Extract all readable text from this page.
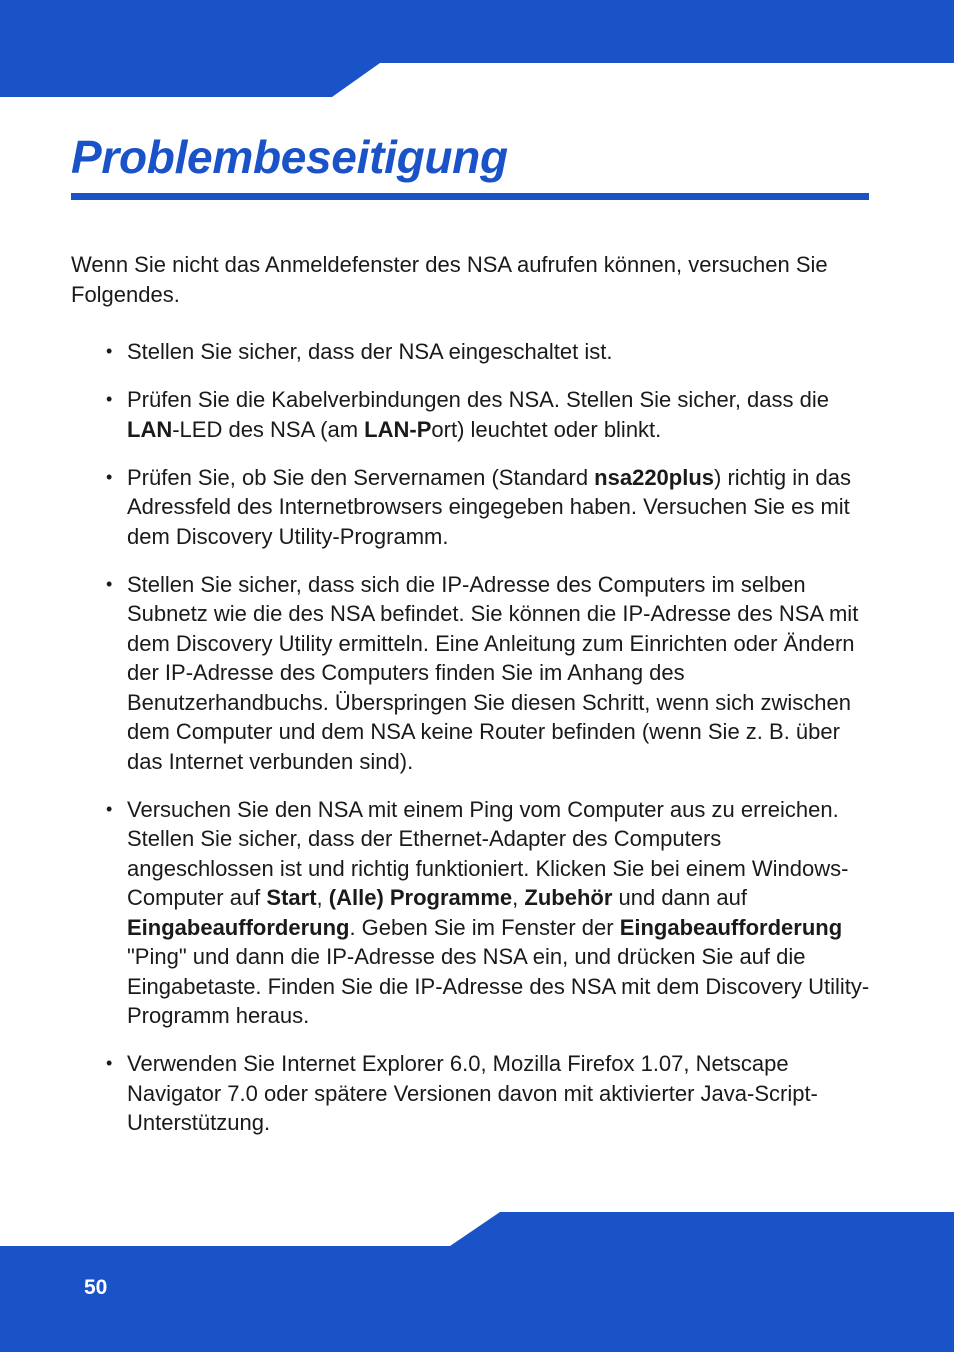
Problembeseitigung

Wenn Sie nicht das Anmeldefenster des NSA aufrufen können, versuchen Sie Folgendes.

• Stellen Sie sicher, dass der NSA eingeschaltet ist.
• Prüfen Sie die Kabelverbindungen des NSA. Stellen Sie sicher, dass die LAN-LED des NSA (am LAN-Port) leuchtet oder blinkt.
• Prüfen Sie, ob Sie den Servernamen (Standard nsa220plus) richtig in das Adressfeld des Internetbrowsers eingegeben haben. Versuchen Sie es mit dem Discovery Utility-Programm.
• Stellen Sie sicher, dass sich die IP-Adresse des Computers im selben Subnetz wie die des NSA befindet. Sie können die IP-Adresse des NSA mit dem Discovery Utility ermitteln. Eine Anleitung zum Einrichten oder Ändern der IP-Adresse des Computers finden Sie im Anhang des Benutzerhandbuchs. Überspringen Sie diesen Schritt, wenn sich zwischen dem Computer und dem NSA keine Router befinden (wenn Sie z. B. über das Internet verbunden sind).
• Versuchen Sie den NSA mit einem Ping vom Computer aus zu erreichen. Stellen Sie sicher, dass der Ethernet-Adapter des Computers angeschlossen ist und richtig funktioniert. Klicken Sie bei einem Windows-Computer auf Start, (Alle) Programme, Zubehör und dann auf Eingabeaufforderung. Geben Sie im Fenster der Eingabeaufforderung "Ping" und dann die IP-Adresse des NSA ein, und drücken Sie auf die Eingabetaste. Finden Sie die IP-Adresse des NSA mit dem Discovery Utility-Programm heraus.
• Verwenden Sie Internet Explorer 6.0, Mozilla Firefox 1.07, Netscape Navigator 7.0 oder spätere Versionen davon mit aktivierter Java-Script-Unterstützung.
50
